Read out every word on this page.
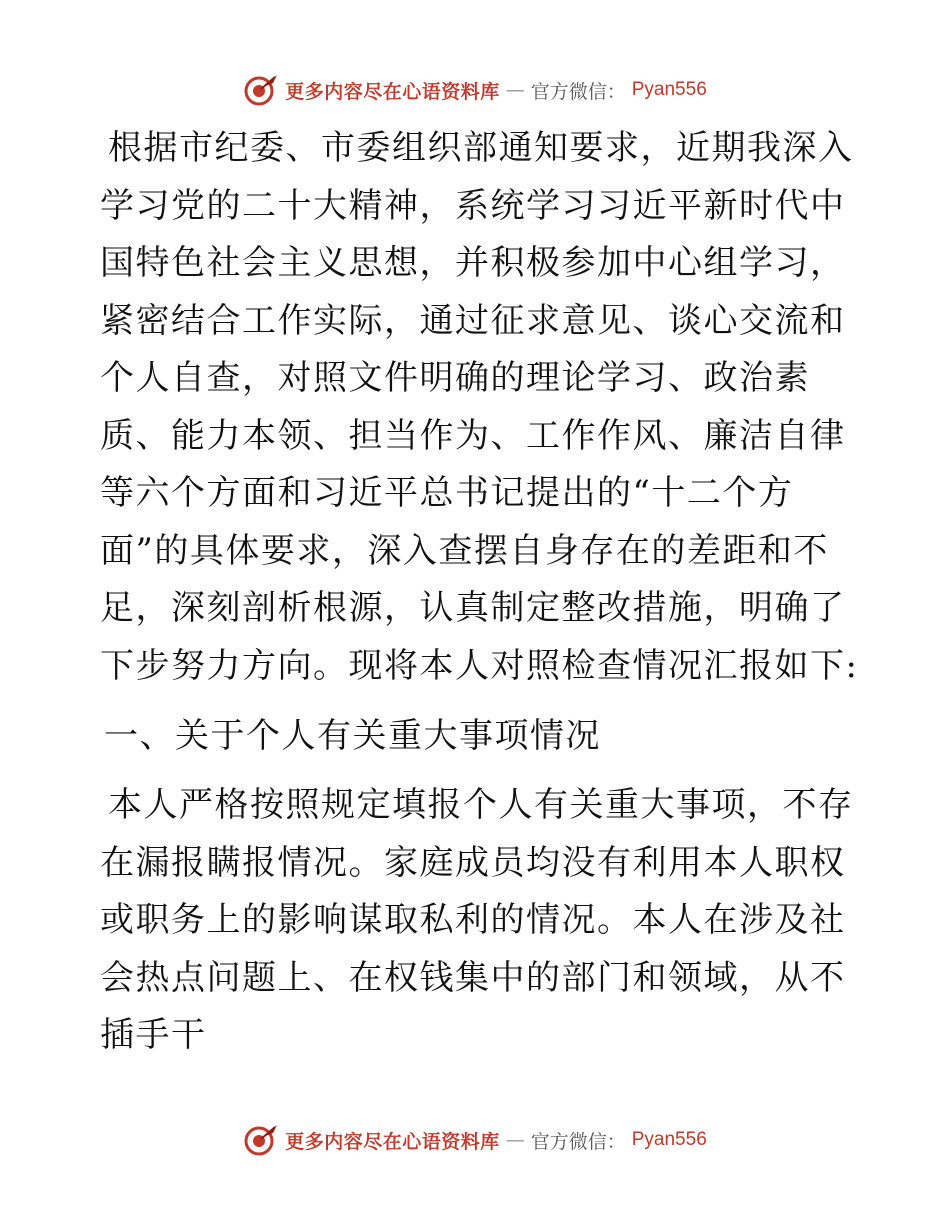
更多内容尽在心语资料库 — 官方微信： Pyan556

根据市纪委、市委组织部通知要求，近期我深入学习党的二十大精神，系统学习习近平新时代中国特色社会主义思想，并积极参加中心组学习，紧密结合工作实际，通过征求意见、谈心交流和个人自查，对照文件明确的理论学习、政治素质、能力本领、担当作为、工作作风、廉洁自律等六个方面和习近平总书记提出的“十二个方面”的具体要求，深入查摆自身存在的差距和不足，深刻剖析根源，认真制定整改措施，明确了下步努力方向。现将本人对照检查情况汇报如下:

一、关于个人有关重大事项情况

本人严格按照规定填报个人有关重大事项，不存在漏报瞒报情况。家庭成员均没有利用本人职权或职务上的影响谋取私利的情况。本人在涉及社会热点问题上、在权钱集中的部门和领域，从不插手干

更多内容尽在心语资料库 — 官方微信： Pyan556
